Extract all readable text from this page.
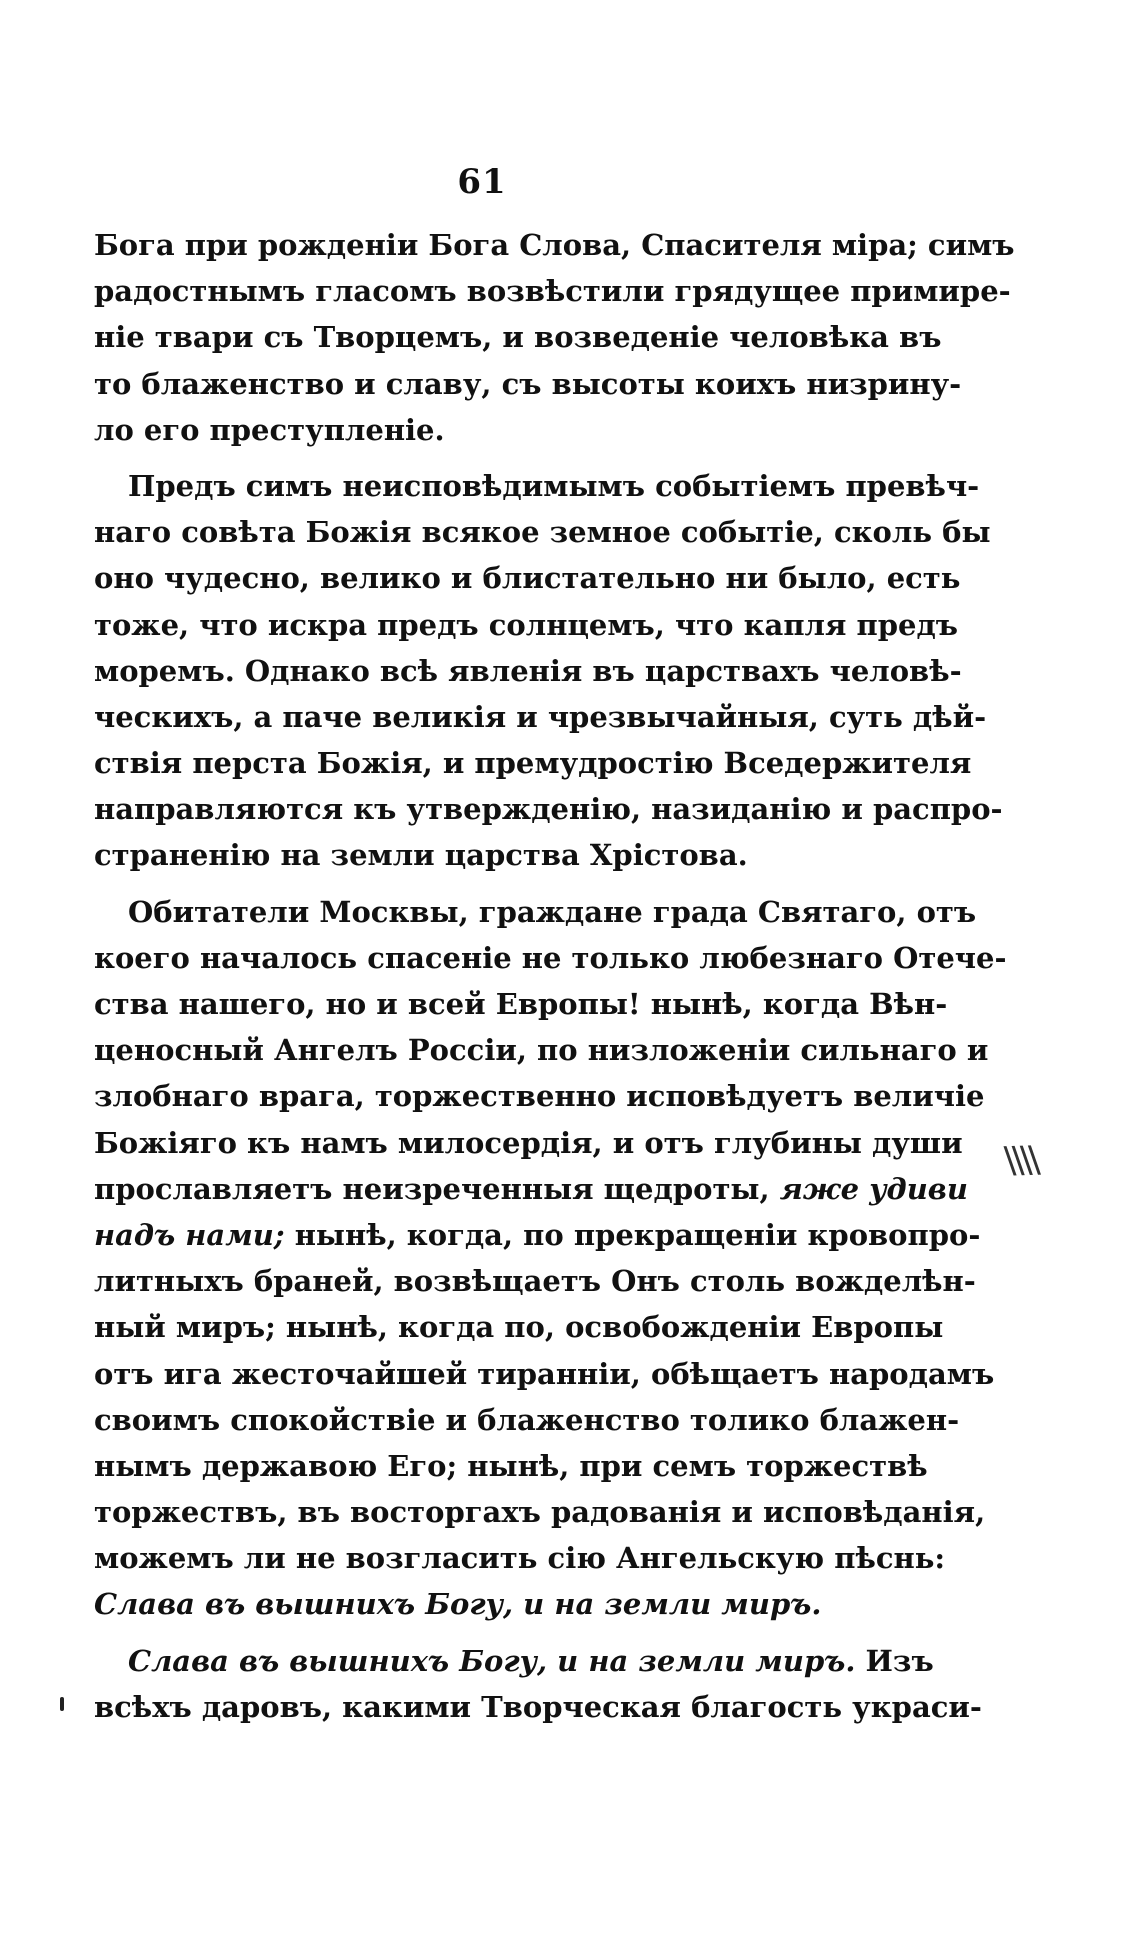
61
Бога при рожденіи Бога Слова, Спасителя міра; симъ
радостнымъ гласомъ возвѣстили грядущее примире-
ніе твари съ Творцемъ, и возведеніе человѣка въ
то блаженство и славу, съ высоты коихъ низрину-
ло его преступленіе.
Предъ симъ неисповѣдимымъ событіемъ превѣч-
наго совѣта Божія всякое земное событіе, сколь бы
оно чудесно, велико и блистательно ни было, есть
тоже, что искра предъ солнцемъ, что капля предъ
моремъ. Однако всѣ явленія въ царствахъ человѣ-
ческихъ, а паче великія и чрезвычайныя, суть дѣй-
ствія перста Божія, и премудростію Вседержителя
направляются къ утвержденію, назиданію и распро-
страненію на земли царства Хрістова.
Обитатели Москвы, граждане града Святаго, отъ
коего началось спасеніе не только любезнаго Отече-
ства нашего, но и всей Европы! нынѣ, когда Вѣн-
ценосный Ангелъ Россіи, по низложеніи сильнаго и
злобнаго врага, торжественно исповѣдуетъ величіе
Божіяго къ намъ милосердія, и отъ глубины души
прославляетъ неизреченныя щедроты, яже удиви
надъ нами; нынѣ, когда, по прекращеніи кровопро-
литныхъ браней, возвѣщаетъ Онъ столь вожделѣн-
ный миръ; нынѣ, когда по, освобожденіи Европы
отъ ига жесточайшей тиранніи, обѣщаетъ народамъ
своимъ спокойствіе и блаженство толико блажен-
нымъ державою Его; нынѣ, при семъ торжествѣ
торжествъ, въ восторгахъ радованія и исповѣданія,
можемъ ли не возгласить сію Ангельскую пѣснь:
Слава въ вышнихъ Богу, и на земли миръ.
Слава въ вышнихъ Богу, и на земли миръ. Изъ
всѣхъ даровъ, какими Творческая благость украси-
\\\\
